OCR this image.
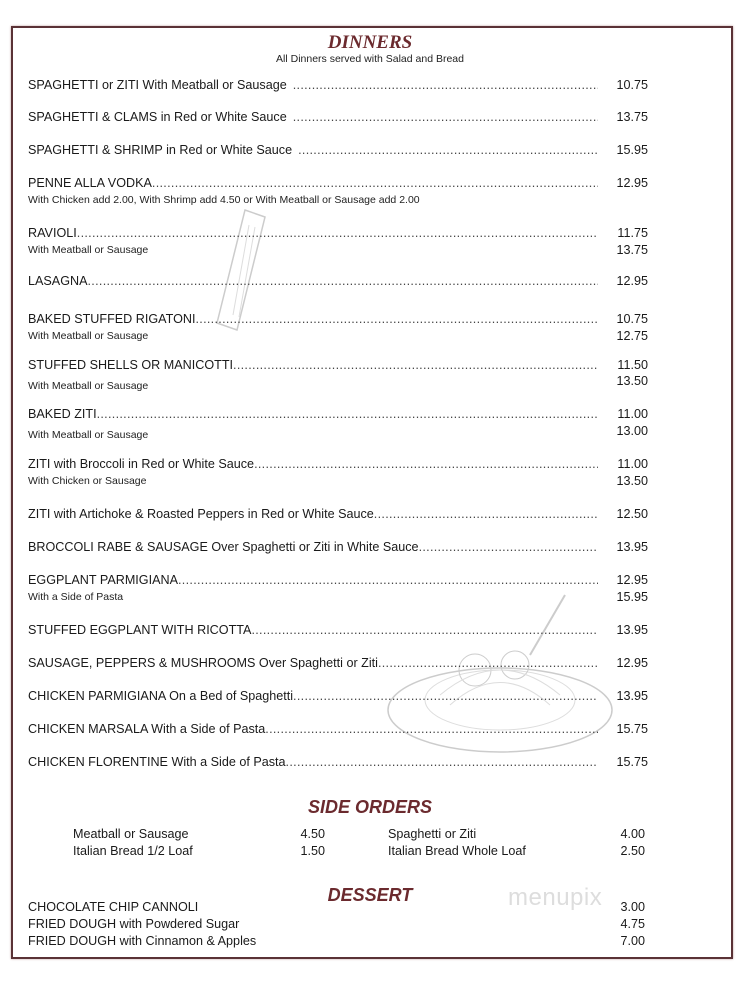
DINNERS
All Dinners served with Salad and Bread
SPAGHETTI or ZITI With Meatball or Sausage .....	10.75
SPAGHETTI & CLAMS in Red or White Sauce .....	13.75
SPAGHETTI & SHRIMP in Red or White Sauce .....	15.95
PENNE ALLA VODKA .....	12.95
With Chicken add 2.00, With Shrimp add 4.50 or With Meatball or Sausage add 2.00
RAVIOLI .....	11.75
With Meatball or Sausage	13.75
LASAGNA .....	12.95
BAKED STUFFED RIGATONI .....	10.75
With Meatball or Sausage	12.75
STUFFED SHELLS OR MANICOTTI .....	11.50
With Meatball or Sausage	13.50
BAKED ZITI .....	11.00
With Meatball or Sausage	13.00
ZITI with Broccoli in Red or White Sauce .....	11.00
With Chicken or Sausage	13.50
ZITI with Artichoke & Roasted Peppers in Red or White Sauce .....	12.50
BROCCOLI RABE & SAUSAGE Over Spaghetti or Ziti in White Sauce .....	13.95
EGGPLANT PARMIGIANA .....	12.95
With a Side of Pasta	15.95
STUFFED EGGPLANT WITH RICOTTA .....	13.95
SAUSAGE, PEPPERS & MUSHROOMS Over Spaghetti or Ziti .....	12.95
CHICKEN PARMIGIANA On a Bed of Spaghetti .....	13.95
CHICKEN MARSALA With a Side of Pasta .....	15.75
CHICKEN FLORENTINE With a Side of Pasta .....	15.75
SIDE ORDERS
Meatball or Sausage	4.50	Spaghetti or Ziti	4.00
Italian Bread 1/2 Loaf	1.50	Italian Bread Whole Loaf	2.50
menupix
DESSERT
CHOCOLATE CHIP CANNOLI	3.00
FRIED DOUGH with Powdered Sugar	4.75
FRIED DOUGH with Cinnamon & Apples	7.00
